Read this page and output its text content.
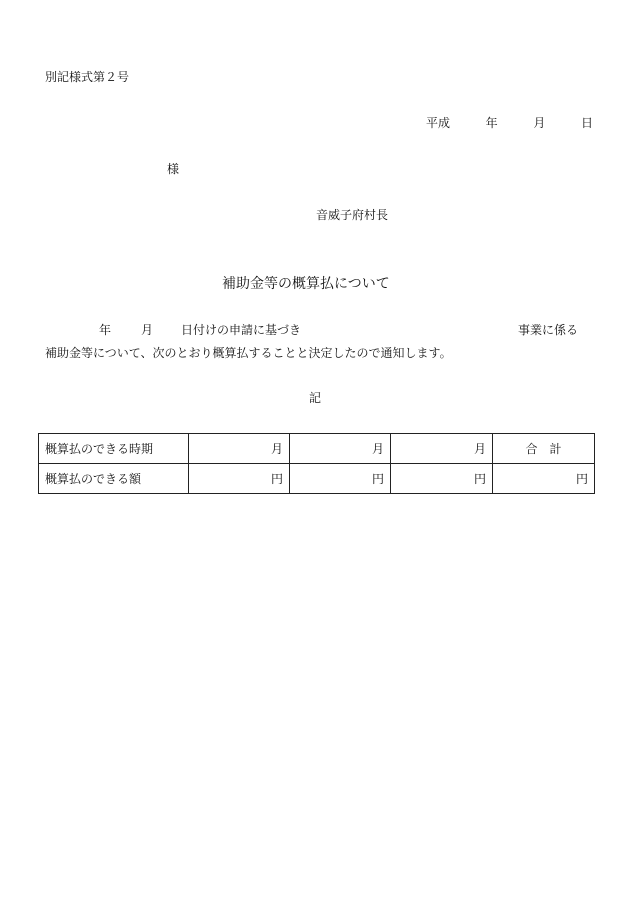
別記様式第２号
平成	年	月	日
様
音威子府村長
補助金等の概算払について
年 月 日付けの申請に基づき	事業に係る
補助金等について、次のとおり概算払することと決定したので通知します。
記
概算払のできる時期	月	月	月	合　計
概算払のできる額	円	円	円	円
